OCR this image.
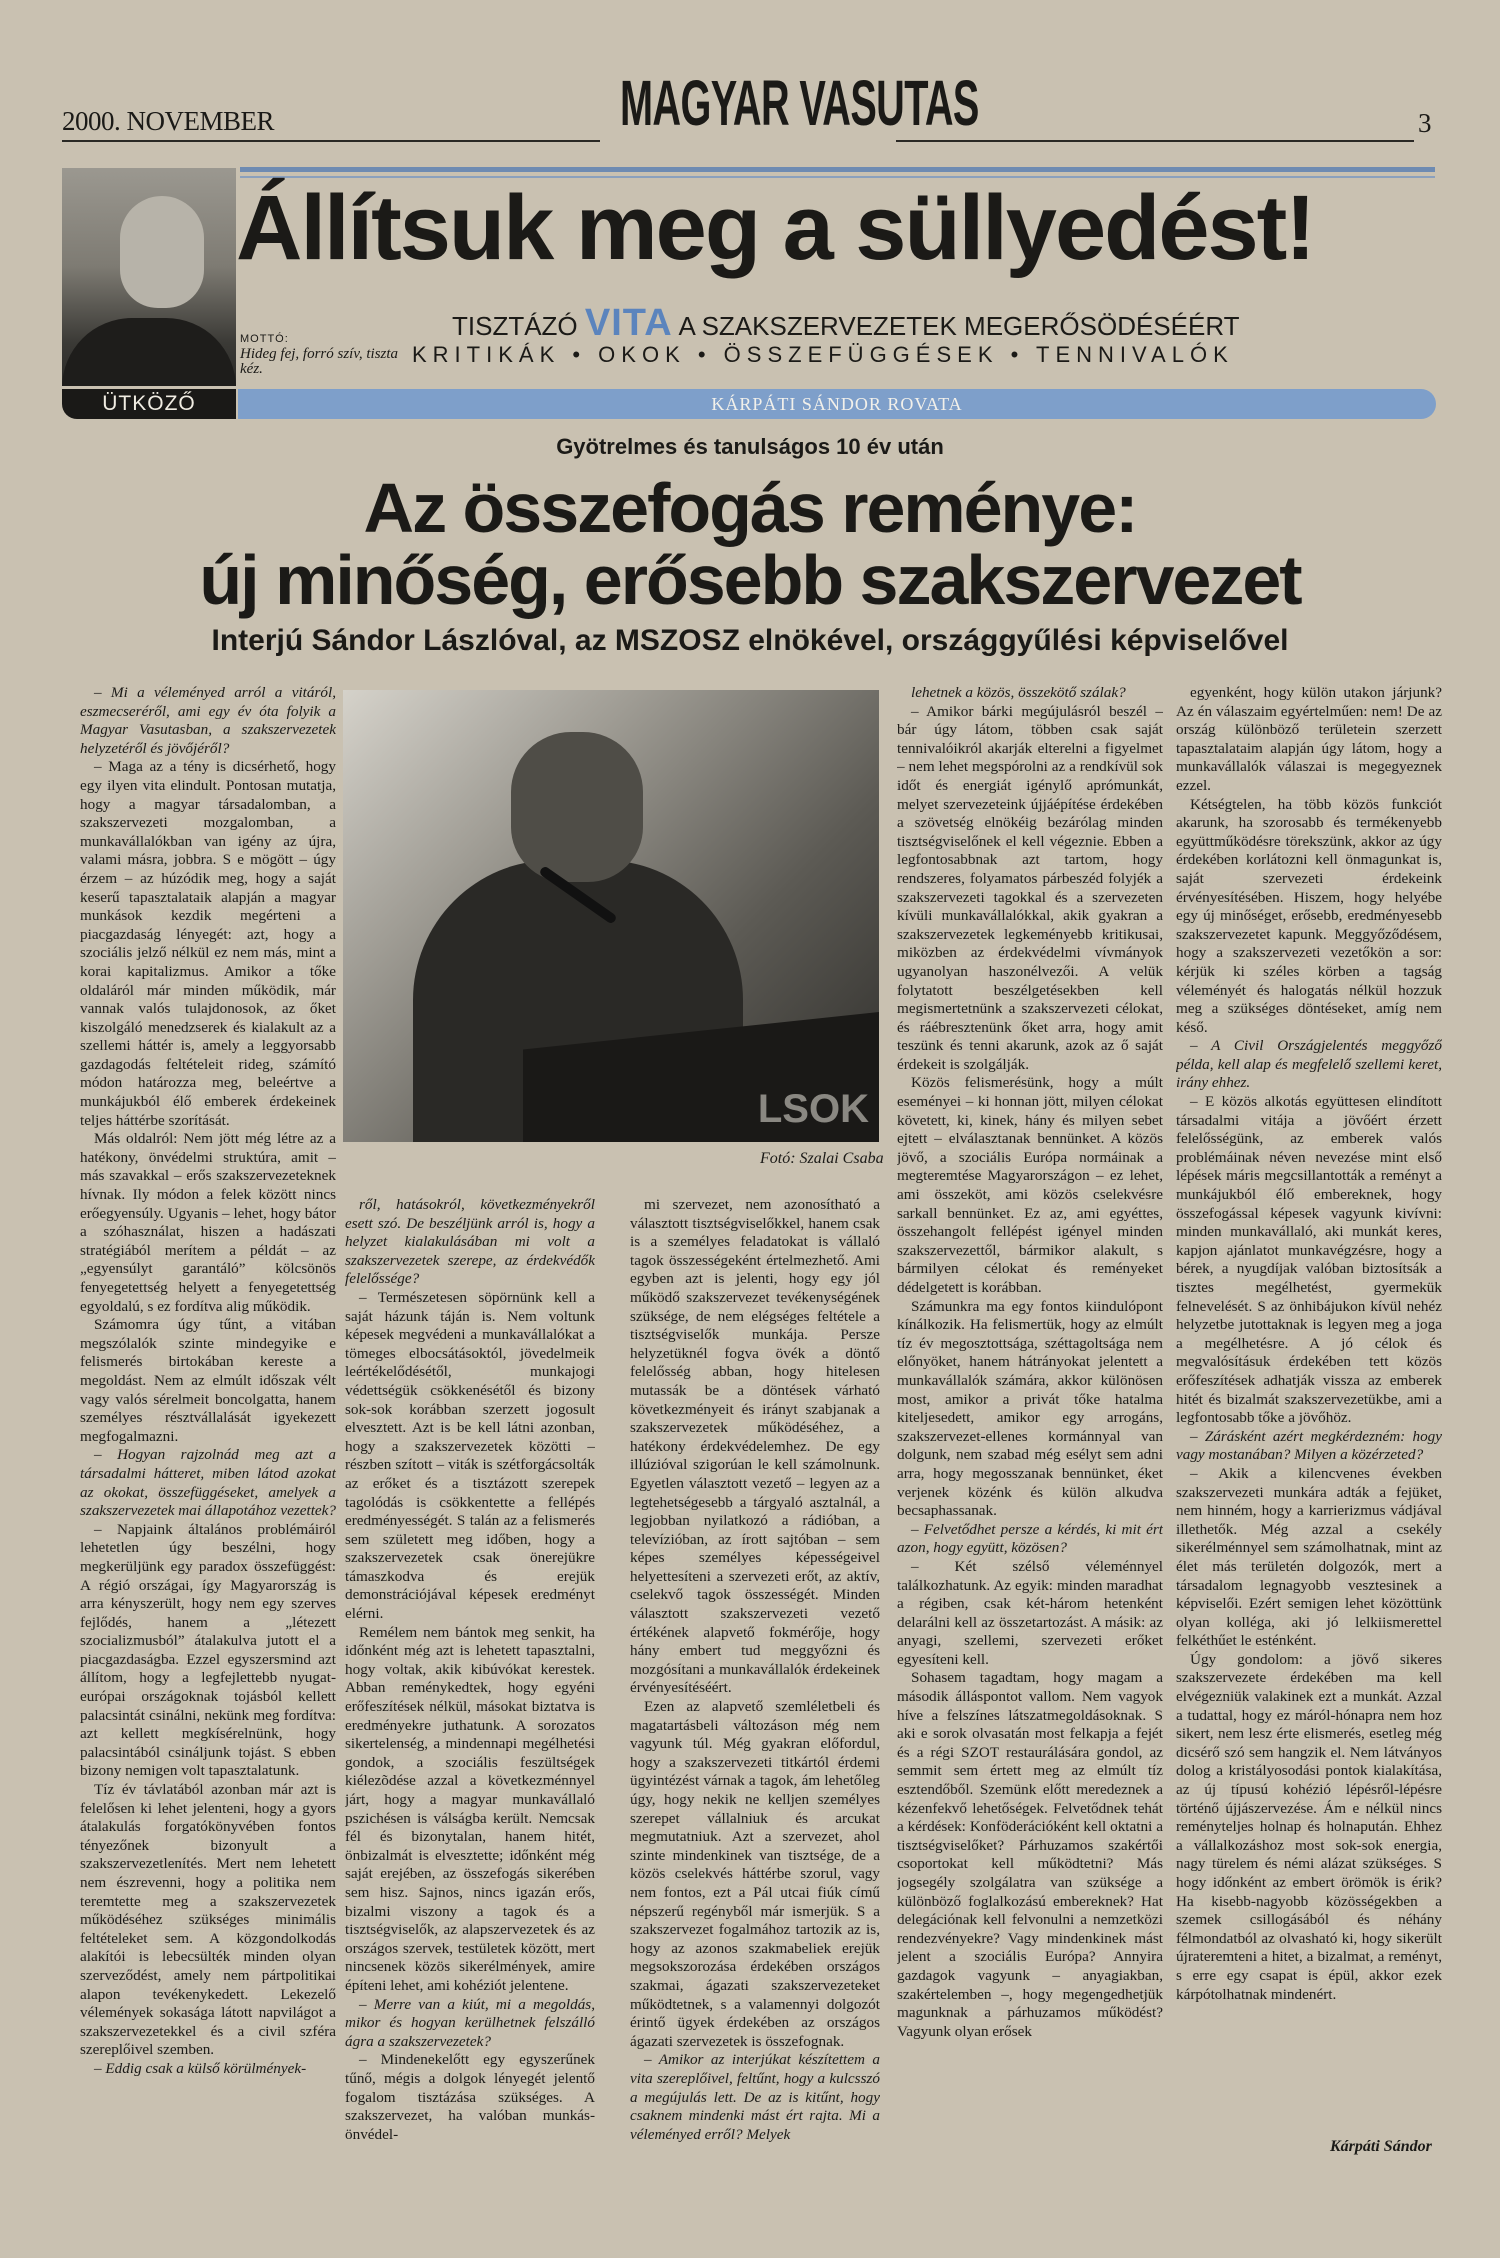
2000. NOVEMBER	MAGYAR VASUTAS	3
ÜTKÖZŐ
Állítsuk meg a süllyedést!
MOTTÓ:
Hideg fej, forró szív, tiszta kéz.
TISZTÁZÓ VITA A SZAKSZERVEZETEK MEGERŐSÖDÉSÉÉRT
KRITIKÁK • OKOK • ÖSSZEFÜGGÉSEK • TENNIVALÓK
KÁRPÁTI SÁNDOR ROVATA
Gyötrelmes és tanulságos 10 év után
Az összefogás reménye:
új minőség, erősebb szakszervezet
Interjú Sándor Lászlóval, az MSZOSZ elnökével, országgyűlési képviselővel

– Mi a véleményed arról a vitáról, eszmecseréről, ami egy év óta folyik a Magyar Vasutasban, a szakszervezetek helyzetéről és jövőjéről?

– Maga az a tény is dicsérhető, hogy egy ilyen vita elindult. Pontosan mutatja, hogy a magyar társadalomban, a szakszervezeti mozgalomban, a munkavállalókban van igény az újra, valami másra, jobbra. S e mögött – úgy érzem – az húzódik meg, hogy a saját keserű tapasztalataik alapján a magyar munkások kezdik megérteni a piacgazdaság lényegét: azt, hogy a szociális jelző nélkül ez nem más, mint a korai kapitalizmus. Amikor a tőke oldaláról már minden működik, már vannak valós tulajdonosok, az őket kiszolgáló menedzserek és kialakult az a szellemi háttér is, amely a leggyorsabb gazdagodás feltételeit rideg, számító módon határozza meg, beleértve a munkájukból élő emberek érdekeinek teljes háttérbe szorítását.

Más oldalról: Nem jött még létre az a hatékony, önvédelmi struktúra, amit – más szavakkal – erős szakszervezeteknek hívnak. Ily módon a felek között nincs erőegyensúly. Ugyanis – lehet, hogy bátor a szóhasználat, hiszen a hadászati stratégiából merítem a példát – az „egyensúlyt garantáló” kölcsönös fenyegetettség helyett a fenyegetettség egyoldalú, s ez fordítva alig működik.

Számomra úgy tűnt, a vitában megszólalók szinte mindegyike e felismerés birtokában kereste a megoldást. Nem az elmúlt időszak vélt vagy valós sérelmeit boncolgatta, hanem személyes résztvállalását igyekezett megfogalmazni.

– Hogyan rajzolnád meg azt a társadalmi hátteret, miben látod azokat az okokat, összefüggéseket, amelyek a szakszervezetek mai állapotához vezettek?

– Napjaink általános problémáiról lehetetlen úgy beszélni, hogy megkerüljünk egy paradox összefüggést: A régió országai, így Magyarország is arra kényszerült, hogy nem egy szerves fejlődés, hanem a „létezett szocializmusból” átalakulva jutott el a piacgazdaságba. Ezzel egyszersmind azt állítom, hogy a legfejlettebb nyugat-európai országoknak tojásból kellett palacsintát csinálni, nekünk meg fordítva: azt kellett megkísérelnünk, hogy palacsintából csináljunk tojást. S ebben bizony nemigen volt tapasztalatunk.

Tíz év távlatából azonban már azt is felelősen ki lehet jelenteni, hogy a gyors átalakulás forgatókönyvében fontos tényezőnek bizonyult a szakszervezetlenítés. Mert nem lehetett nem észrevenni, hogy a politika nem teremtette meg a szakszervezetek működéséhez szükséges minimális feltételeket sem. A közgondolkodás alakítói is lebecsülték minden olyan szerveződést, amely nem pártpolitikai alapon tevékenykedett. Lekezelő vélemények sokasága látott napvilágot a szakszervezetekkel és a civil szféra szereplőivel szemben.

– Eddig csak a külső körülmények-

LSOK
Fotó: Szalai Csaba

ről, hatásokról, következményekről esett szó. De beszéljünk arról is, hogy a helyzet kialakulásában mi volt a szakszervezetek szerepe, az érdekvédők felelőssége?

– Természetesen söpörnünk kell a saját házunk táján is. Nem voltunk képesek megvédeni a munkavállalókat a tömeges elbocsátásoktól, jövedelmeik leértékelődésétől, munkajogi védettségük csökkenésétől és bizony sok-sok korábban szerzett jogosult elvesztett. Azt is be kell látni azonban, hogy a szakszervezetek közötti – részben szított – viták is szétforgácsolták az erőket és a tisztázott szerepek tagolódás is csökkentette a fellépés eredményességét. S talán az a felismerés sem született meg időben, hogy a szakszervezetek csak önerejükre támaszkodva és erejük demonstrációjával képesek eredményt elérni.

Remélem nem bántok meg senkit, ha időnként még azt is lehetett tapasztalni, hogy voltak, akik kibúvókat kerestek. Abban reménykedtek, hogy egyéni erőfeszítések nélkül, másokat biztatva is eredményekre juthatunk. A sorozatos sikertelenség, a mindennapi megélhetési gondok, a szociális feszültségek kiélezõdése azzal a következménnyel járt, hogy a magyar munkavállaló pszichésen is válságba került. Nemcsak fél és bizonytalan, hanem hitét, önbizalmát is elvesztette; időnként még saját erejében, az összefogás sikerében sem hisz. Sajnos, nincs igazán erős, bizalmi viszony a tagok és a tisztségviselők, az alapszervezetek és az országos szervek, testületek között, mert nincsenek közös sikerélmények, amire építeni lehet, ami kohéziót jelentene.

– Merre van a kiút, mi a megoldás, mikor és hogyan kerülhetnek felszálló ágra a szakszervezetek?

– Mindenekelőtt egy egyszerűnek tűnő, mégis a dolgok lényegét jelentő fogalom tisztázása szükséges. A szakszervezet, ha valóban munkás-önvédel-

mi szervezet, nem azonosítható a választott tisztségviselőkkel, hanem csak is a személyes feladatokat is vállaló tagok összességeként értelmezhető. Ami egyben azt is jelenti, hogy egy jól működő szakszervezet tevékenységének szüksége, de nem elégséges feltétele a tisztségviselők munkája. Persze helyzetüknél fogva övék a döntő felelősség abban, hogy hitelesen mutassák be a döntések várható következményeit és irányt szabjanak a szakszervezetek működéséhez, a hatékony érdekvédelemhez. De egy illúzióval szigorúan le kell számolnunk. Egyetlen választott vezető – legyen az a legtehetségesebb a tárgyaló asztalnál, a legjobban nyilatkozó a rádióban, a televízióban, az írott sajtóban – sem képes személyes képességeivel helyettesíteni a szervezeti erőt, az aktív, cselekvő tagok összességét. Minden választott szakszervezeti vezető értékének alapvető fokmérője, hogy hány embert tud meggyőzni és mozgósítani a munkavállalók érdekeinek érvényesítéséért.

Ezen az alapvető szemléletbeli és magatartásbeli változáson még nem vagyunk túl. Még gyakran előfordul, hogy a szakszervezeti titkártól érdemi ügyintézést várnak a tagok, ám lehetőleg úgy, hogy nekik ne kelljen személyes szerepet vállalniuk és arcukat megmutatniuk. Azt a szervezet, ahol szinte mindenkinek van tisztsége, de a közös cselekvés háttérbe szorul, vagy nem fontos, ezt a Pál utcai fiúk című népszerű regényből már ismerjük. S a szakszervezet fogalmához tartozik az is, hogy az azonos szakmabeliek erejük megsokszorozása érdekében országos szakmai, ágazati szakszervezeteket működtetnek, s a valamennyi dolgozót érintő ügyek érdekében az országos ágazati szervezetek is összefognak.

– Amikor az interjúkat készítettem a vita szereplőivel, feltűnt, hogy a kulcsszó a megújulás lett. De az is kitűnt, hogy csaknem mindenki mást ért rajta. Mi a véleményed erről? Melyek

lehetnek a közös, összekötő szálak?

– Amikor bárki megújulásról beszél – bár úgy látom, többen csak saját tennivalóikról akarják elterelni a figyelmet – nem lehet megspórolni az a rendkívül sok időt és energiát igénylő aprómunkát, melyet szervezeteink újjáépítése érdekében a szövetség elnökéig bezárólag minden tisztségviselőnek el kell végeznie. Ebben a legfontosabbnak azt tartom, hogy rendszeres, folyamatos párbeszéd folyjék a szakszervezeti tagokkal és a szervezeten kívüli munkavállalókkal, akik gyakran a szakszervezetek legkeményebb kritikusai, miközben az érdekvédelmi vívmányok ugyanolyan haszonélvezői. A velük folytatott beszélgetésekben kell megismertetnünk a szakszervezeti célokat, és ráébresztenünk őket arra, hogy amit teszünk és tenni akarunk, azok az ő saját érdekeit is szolgálják.

Közös felismerésünk, hogy a múlt eseményei – ki honnan jött, milyen célokat követett, ki, kinek, hány és milyen sebet ejtett – elválasztanak bennünket. A közös jövő, a szociális Európa normáinak a megteremtése Magyarországon – ez lehet, ami összeköt, ami közös cselekvésre sarkall bennünket. Ez az, ami egyéttes, összehangolt fellépést igényel minden szakszervezettől, bármikor alakult, s bármilyen célokat és reményeket dédelgetett is korábban.

Számunkra ma egy fontos kiindulópont kínálkozik. Ha felismertük, hogy az elmúlt tíz év megosztottsága, széttagoltsága nem előnyöket, hanem hátrányokat jelentett a munkavállalók számára, akkor különösen most, amikor a privát tőke hatalma kiteljesedett, amikor egy arrogáns, szakszervezet-ellenes kormánnyal van dolgunk, nem szabad még esélyt sem adni arra, hogy megosszanak bennünket, éket verjenek közénk és külön alkudva becsaphassanak.

– Felvetődhet persze a kérdés, ki mit ért azon, hogy együtt, közösen?

– Két szélső véleménnyel találkozhatunk. Az egyik: minden maradhat a régiben, csak két-három hetenként delarálni kell az összetartozást. A másik: az anyagi, szellemi, szervezeti erőket egyesíteni kell.

Sohasem tagadtam, hogy magam a második álláspontot vallom. Nem vagyok híve a felszínes látszatmegoldásoknak. S aki e sorok olvasatán most felkapja a fejét és a régi SZOT restaurálására gondol, az semmit sem értett meg az elmúlt tíz esztendőből. Szemünk előtt meredeznek a kézenfekvő lehetőségek. Felvetődnek tehát a kérdések: Konföderációként kell oktatni a tisztségviselőket? Párhuzamos szakértői csoportokat kell működtetni? Más jogsegély szolgálatra van szüksége a különböző foglalkozású embereknek? Hat delegációnak kell felvonulni a nemzetközi rendezvényekre? Vagy mindenkinek mást jelent a szociális Európa? Annyira gazdagok vagyunk – anyagiakban, szakértelemben –, hogy megengedhetjük magunknak a párhuzamos működést? Vagyunk olyan erősek

egyenként, hogy külön utakon járjunk? Az én válaszaim egyértelműen: nem! De az ország különböző területein szerzett tapasztalataim alapján úgy látom, hogy a munkavállalók válaszai is megegyeznek ezzel.

Kétségtelen, ha több közös funkciót akarunk, ha szorosabb és termékenyebb együttműködésre törekszünk, akkor az úgy érdekében korlátozni kell önmagunkat is, saját szervezeti érdekeink érvényesítésében. Hiszem, hogy helyébe egy új minőséget, erősebb, eredményesebb szakszervezetet kapunk. Meggyőződésem, hogy a szakszervezeti vezetőkön a sor: kérjük ki széles körben a tagság véleményét és halogatás nélkül hozzuk meg a szükséges döntéseket, amíg nem késő.

– A Civil Országjelentés meggyőző példa, kell alap és megfelelő szellemi keret, irány ehhez.

– E közös alkotás együttesen elindított társadalmi vitája a jövőért érzett felelősségünk, az emberek valós problémáinak néven nevezése mint első lépések máris megcsillantották a reményt a munkájukból élő embereknek, hogy összefogással képesek vagyunk kivívni: minden munkavállaló, aki munkát keres, kapjon ajánlatot munkavégzésre, hogy a bérek, a nyugdíjak valóban biztosítsák a tisztes megélhetést, gyermekük felnevelését. S az önhibájukon kívül nehéz helyzetbe jutottaknak is legyen meg a joga a megélhetésre. A jó célok és megvalósításuk érdekében tett közös erőfeszítések adhatják vissza az emberek hitét és bizalmát szakszervezetükbe, ami a legfontosabb tőke a jövőhöz.

– Zárásként azért megkérdezném: hogy vagy mostanában? Milyen a közérzeted?

– Akik a kilencvenes években szakszervezeti munkára adták a fejüket, nem hinném, hogy a karrierizmus vádjával illethetők. Még azzal a csekély sikerélménnyel sem számolhatnak, mint az élet más területén dolgozók, mert a társadalom legnagyobb vesztesinek a képviselői. Ezért semigen lehet közöttünk olyan kolléga, aki jó lelkiismerettel felkéthűet le esténként.

Úgy gondolom: a jövő sikeres szakszervezete érdekében ma kell elvégezniük valakinek ezt a munkát. Azzal a tudattal, hogy ez máról-hónapra nem hoz sikert, nem lesz érte elismerés, esetleg még dicsérő szó sem hangzik el. Nem látványos dolog a kristályosodási pontok kialakítása, az új típusú kohézió lépésről-lépésre történő újjászervezése. Ám e nélkül nincs reményteljes holnap és holnapután. Ehhez a vállalkozáshoz most sok-sok energia, nagy türelem és némi alázat szükséges. S hogy időnként az embert örömök is érik? Ha kisebb-nagyobb közösségekben a szemek csillogásából és néhány félmondatból az olvasható ki, hogy sikerült újrateremteni a hitet, a bizalmat, a reményt, s erre egy csapat is épül, akkor ezek kárpótolhatnak mindenért.

Kárpáti Sándor
